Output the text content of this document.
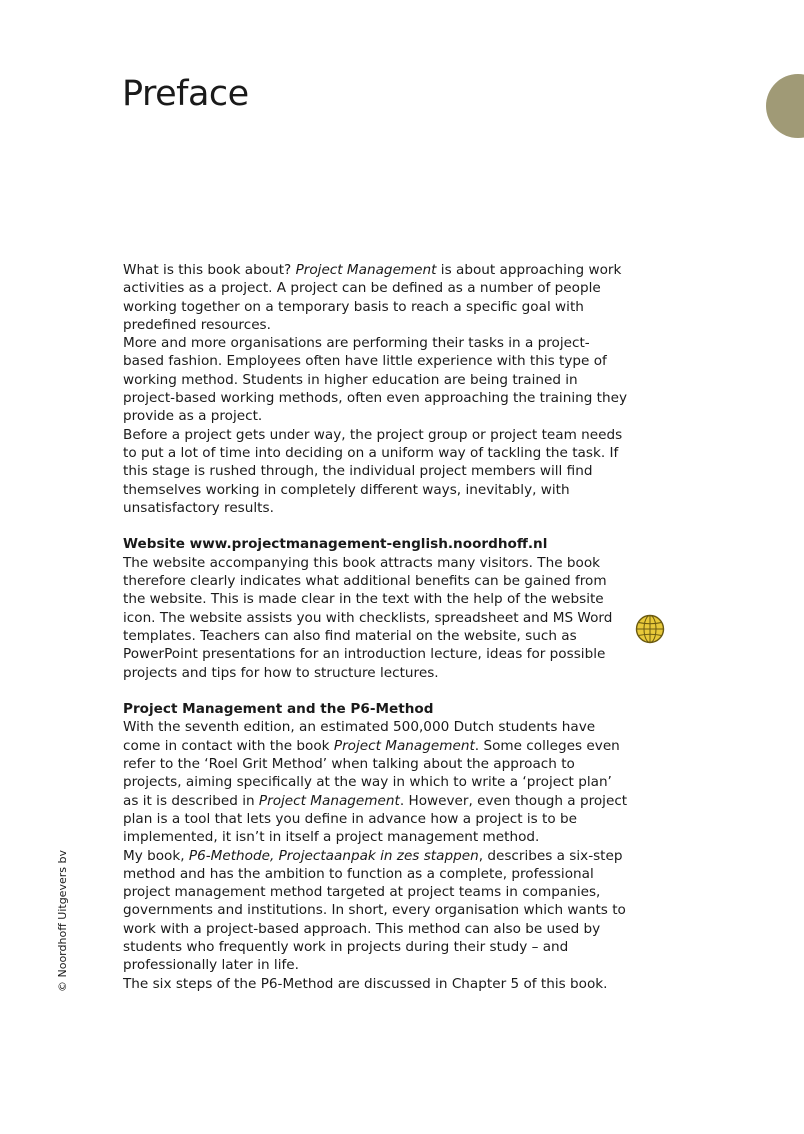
Preface

What is this book about? Project Management is about approaching work activities as a project. A project can be defined as a number of people working together on a temporary basis to reach a specific goal with predefined resources.

More and more organisations are performing their tasks in a project-based fashion. Employees often have little experience with this type of working method. Students in higher education are being trained in project-based working methods, often even approaching the training they provide as a project.

Before a project gets under way, the project group or project team needs to put a lot of time into deciding on a uniform way of tackling the task. If this stage is rushed through, the individual project members will find themselves working in completely different ways, inevitably, with unsatisfactory results.

Website www.projectmanagement-english.noordhoff.nl

The website accompanying this book attracts many visitors. The book therefore clearly indicates what additional benefits can be gained from the website. This is made clear in the text with the help of the website icon. The website assists you with checklists, spreadsheet and MS Word templates. Teachers can also find material on the website, such as PowerPoint presentations for an introduction lecture, ideas for possible projects and tips for how to structure lectures.

Project Management and the P6-Method

With the seventh edition, an estimated 500,000 Dutch students have come in contact with the book Project Management. Some colleges even refer to the ‘Roel Grit Method’ when talking about the approach to projects, aiming specifically at the way in which to write a ‘project plan’ as it is described in Project Management. However, even though a project plan is a tool that lets you define in advance how a project is to be implemented, it isn’t in itself a project management method.

My book, P6-Methode, Projectaanpak in zes stappen, describes a six-step method and has the ambition to function as a complete, professional project management method targeted at project teams in companies, governments and institutions. In short, every organisation which wants to work with a project-based approach. This method can also be used by students who frequently work in projects during their study – and professionally later in life.

The six steps of the P6-Method are discussed in Chapter 5 of this book.

© Noordhoff Uitgevers bv
